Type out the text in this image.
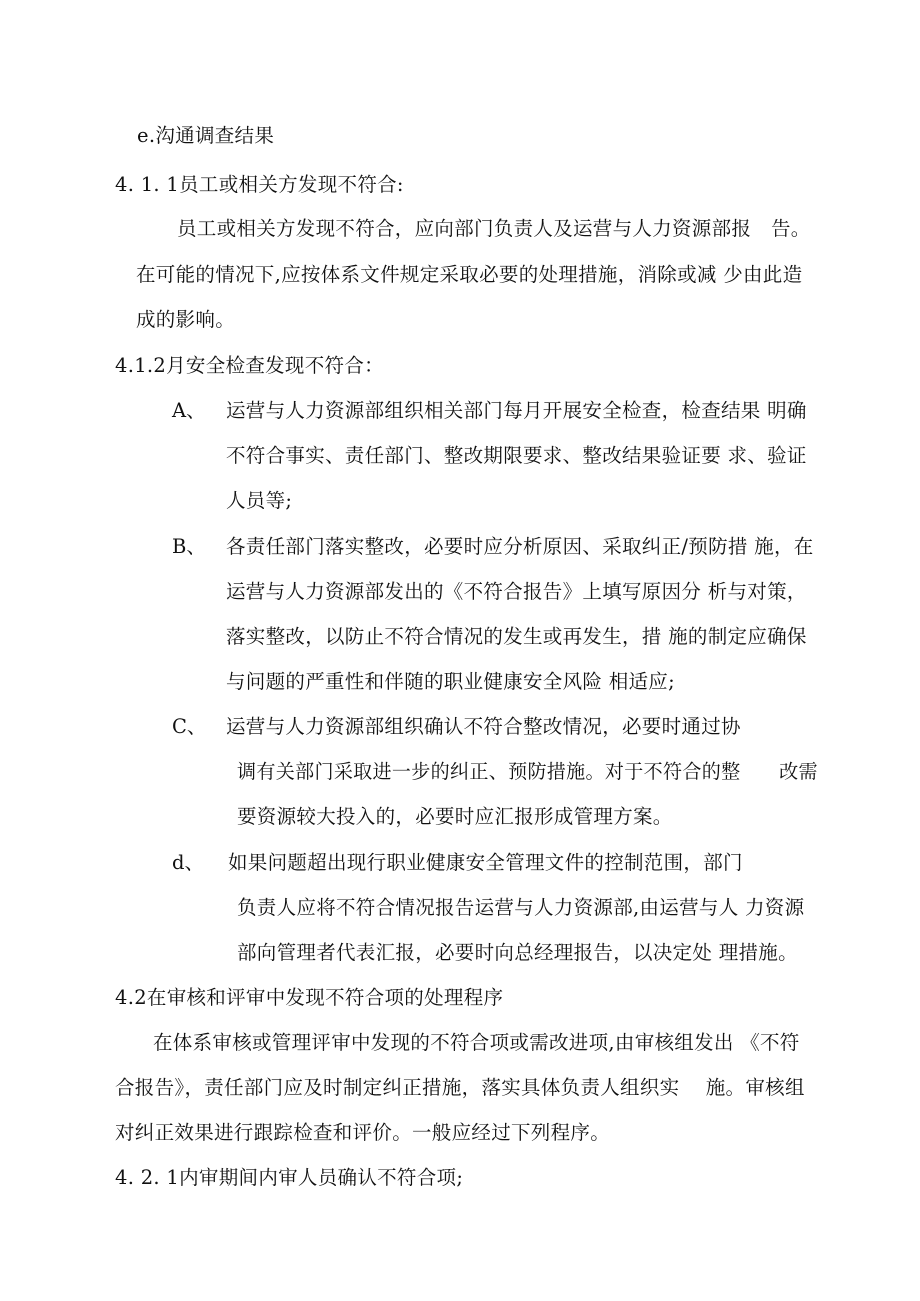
e.沟通调查结果
4. 1. 1员工或相关方发现不符合:
员工或相关方发现不符合，应向部门负责人及运营与人力资源部报　告。
在可能的情况下,应按体系文件规定采取必要的处理措施，消除或减 少由此造
成的影响。
4.1.2月安全检查发现不符合：
A、 运营与人力资源部组织相关部门每月开展安全检查，检查结果 明确
不符合事实、责任部门、整改期限要求、整改结果验证要 求、验证
人员等;
B、 各责任部门落实整改，必要时应分析原因、采取纠正/预防措 施，在
运营与人力资源部发出的《不符合报告》上填写原因分 析与对策，
落实整改，以防止不符合情况的发生或再发生，措 施的制定应确保
与问题的严重性和伴随的职业健康安全风险 相适应;
C、 运营与人力资源部组织确认不符合整改情况，必要时通过协
调有关部门采取进一步的纠正、预防措施。对于不符合的整　　改需
要资源较大投入的，必要时应汇报形成管理方案。
d、 如果问题超出现行职业健康安全管理文件的控制范围，部门
负责人应将不符合情况报告运营与人力资源部,由运营与人 力资源
部向管理者代表汇报，必要时向总经理报告，以决定处 理措施。
4.2在审核和评审中发现不符合项的处理程序
在体系审核或管理评审中发现的不符合项或需改进项,由审核组发出 《不符
合报告》，责任部门应及时制定纠正措施，落实具体负责人组织实　 施。审核组
对纠正效果进行跟踪检查和评价。一般应经过下列程序。
4. 2. 1内审期间内审人员确认不符合项;
